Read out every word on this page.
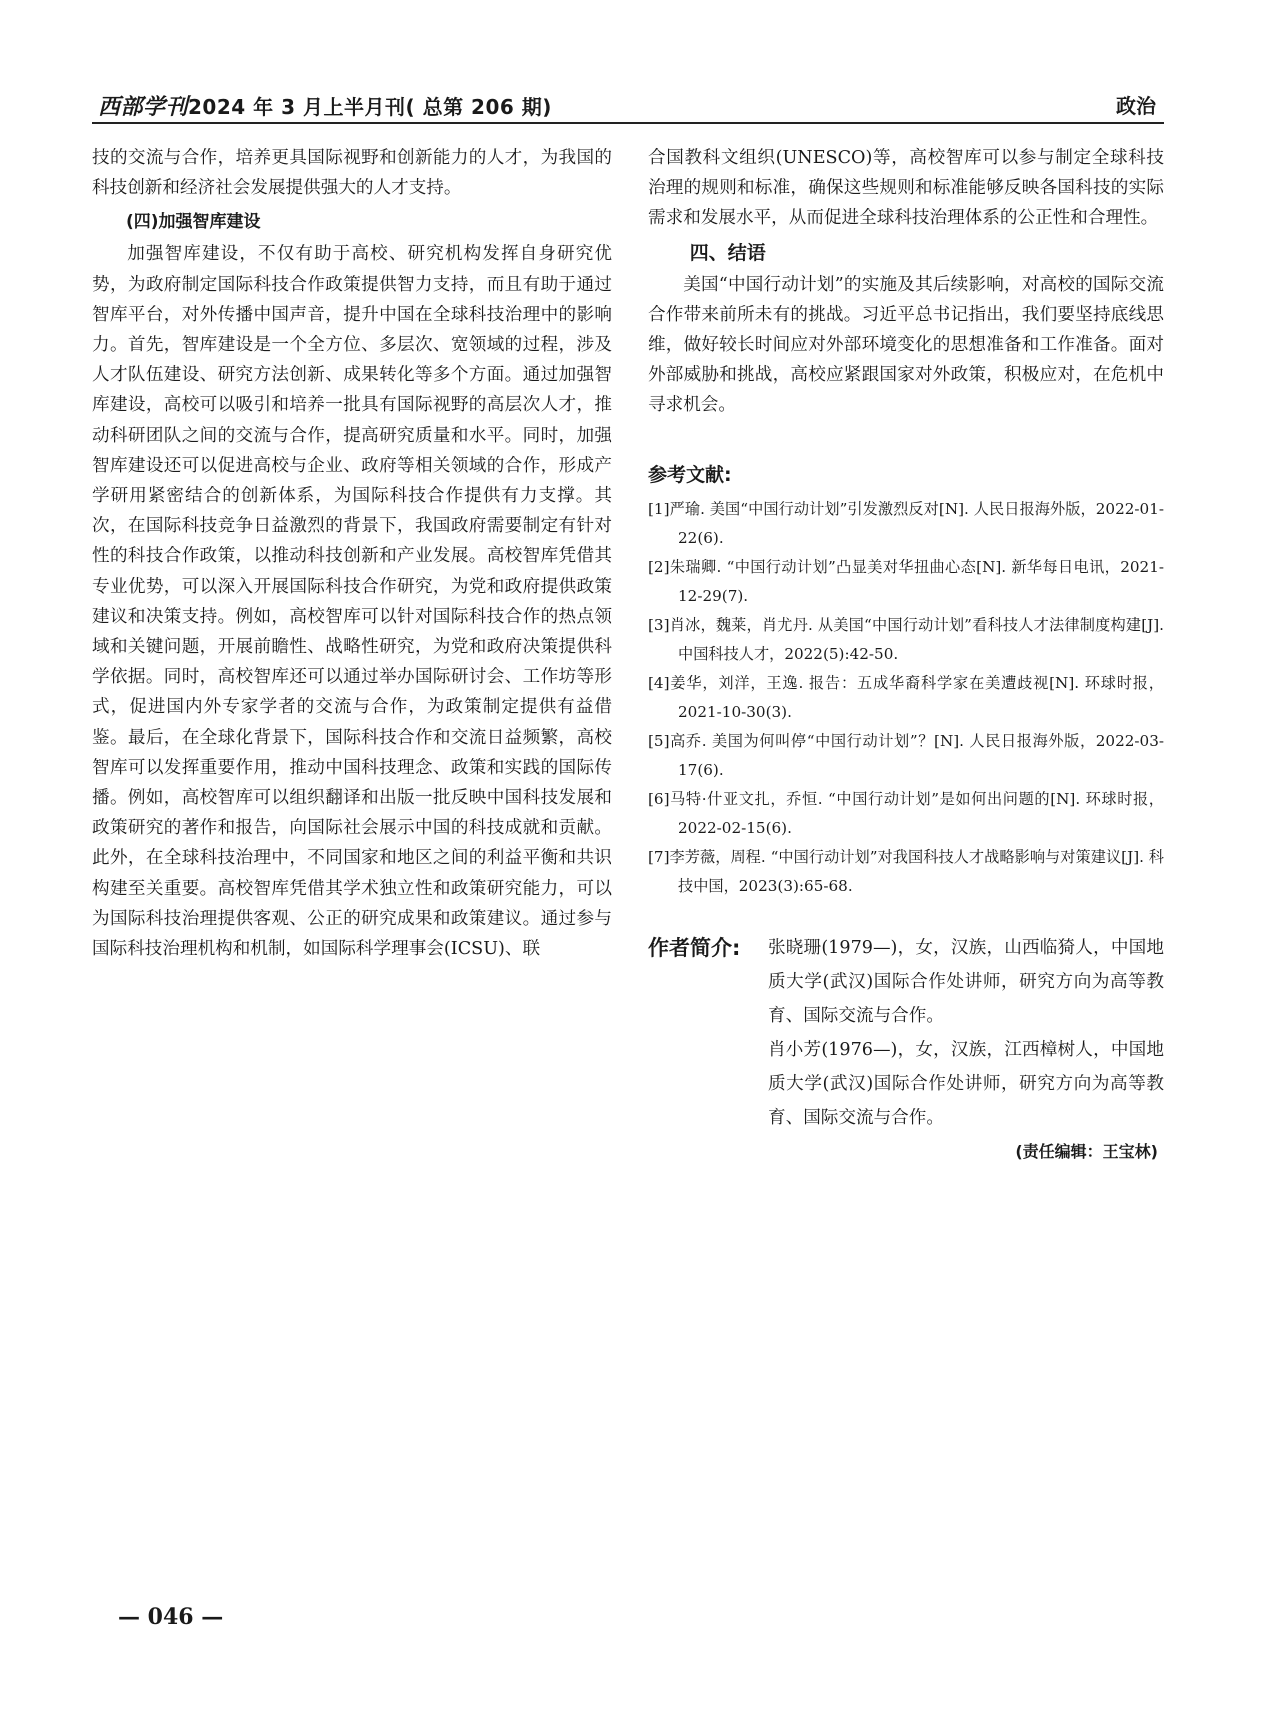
西部学刊2024 年 3 月上半月刊( 总第 206 期)	政治

技的交流与合作，培养更具国际视野和创新能力的人才，为我国的科技创新和经济社会发展提供强大的人才支持。

(四)加强智库建设

加强智库建设，不仅有助于高校、研究机构发挥自身研究优势，为政府制定国际科技合作政策提供智力支持，而且有助于通过智库平台，对外传播中国声音，提升中国在全球科技治理中的影响力。首先，智库建设是一个全方位、多层次、宽领域的过程，涉及人才队伍建设、研究方法创新、成果转化等多个方面。通过加强智库建设，高校可以吸引和培养一批具有国际视野的高层次人才，推动科研团队之间的交流与合作，提高研究质量和水平。同时，加强智库建设还可以促进高校与企业、政府等相关领域的合作，形成产学研用紧密结合的创新体系，为国际科技合作提供有力支撑。其次，在国际科技竞争日益激烈的背景下，我国政府需要制定有针对性的科技合作政策，以推动科技创新和产业发展。高校智库凭借其专业优势，可以深入开展国际科技合作研究，为党和政府提供政策建议和决策支持。例如，高校智库可以针对国际科技合作的热点领域和关键问题，开展前瞻性、战略性研究，为党和政府决策提供科学依据。同时，高校智库还可以通过举办国际研讨会、工作坊等形式，促进国内外专家学者的交流与合作，为政策制定提供有益借鉴。最后，在全球化背景下，国际科技合作和交流日益频繁，高校智库可以发挥重要作用，推动中国科技理念、政策和实践的国际传播。例如，高校智库可以组织翻译和出版一批反映中国科技发展和政策研究的著作和报告，向国际社会展示中国的科技成就和贡献。此外，在全球科技治理中，不同国家和地区之间的利益平衡和共识构建至关重要。高校智库凭借其学术独立性和政策研究能力，可以为国际科技治理提供客观、公正的研究成果和政策建议。通过参与国际科技治理机构和机制，如国际科学理事会(ICSU)、联

合国教科文组织(UNESCO)等，高校智库可以参与制定全球科技治理的规则和标准，确保这些规则和标准能够反映各国科技的实际需求和发展水平，从而促进全球科技治理体系的公正性和合理性。

四、结语

美国“中国行动计划”的实施及其后续影响，对高校的国际交流合作带来前所未有的挑战。习近平总书记指出，我们要坚持底线思维，做好较长时间应对外部环境变化的思想准备和工作准备。面对外部威胁和挑战，高校应紧跟国家对外政策，积极应对，在危机中寻求机会。

参考文献:

[1]严瑜. 美国“中国行动计划”引发激烈反对[N]. 人民日报海外版，2022-01-22(6).

[2]朱瑞卿. “中国行动计划”凸显美对华扭曲心态[N]. 新华每日电讯，2021-12-29(7).

[3]肖冰，魏莱，肖尤丹. 从美国“中国行动计划”看科技人才法律制度构建[J]. 中国科技人才，2022(5):42-50.

[4]姜华，刘洋，王逸. 报告：五成华裔科学家在美遭歧视[N]. 环球时报，2021-10-30(3).

[5]高乔. 美国为何叫停“中国行动计划”？[N]. 人民日报海外版，2022-03-17(6).

[6]马特·什亚文扎，乔恒. “中国行动计划”是如何出问题的[N]. 环球时报，2022-02-15(6).

[7]李芳薇，周程. “中国行动计划”对我国科技人才战略影响与对策建议[J]. 科技中国，2023(3):65-68.

作者简介: 张晓珊(1979—)，女，汉族，山西临猗人，中国地质大学(武汉)国际合作处讲师，研究方向为高等教育、国际交流与合作。

肖小芳(1976—)，女，汉族，江西樟树人，中国地质大学(武汉)国际合作处讲师，研究方向为高等教育、国际交流与合作。

(责任编辑：王宝林)
— 046 —
